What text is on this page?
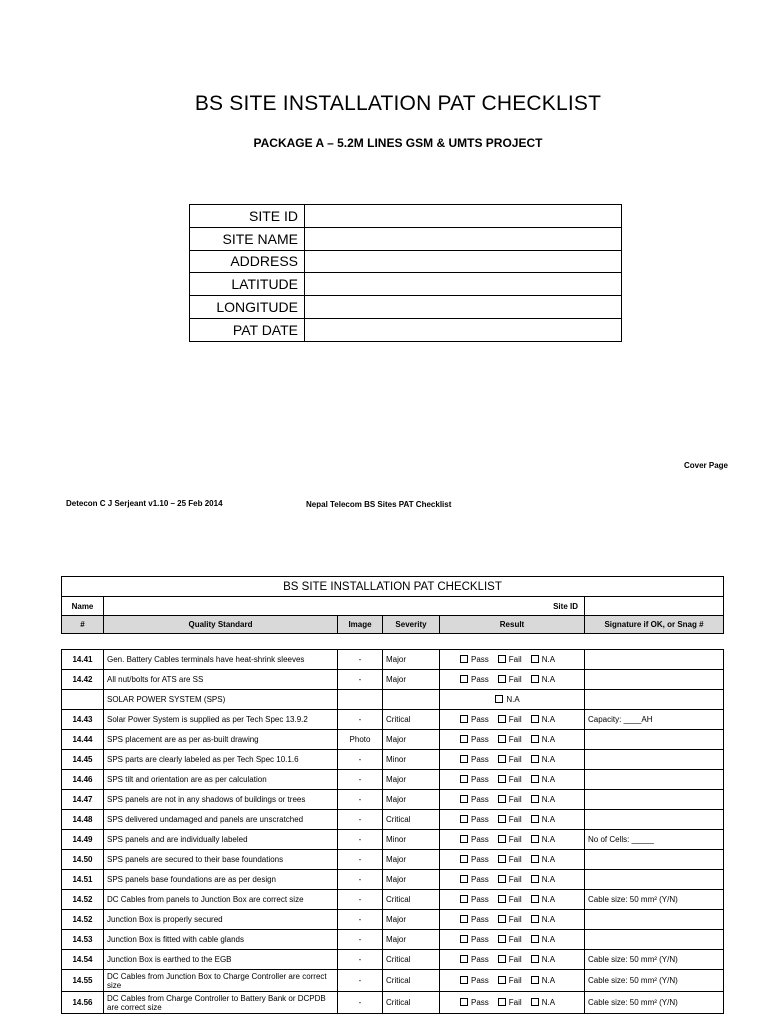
BS SITE INSTALLATION PAT CHECKLIST
PACKAGE A – 5.2M LINES GSM & UMTS PROJECT
SITE ID	
SITE NAME	
ADDRESS	
LATITUDE	
LONGITUDE	
PAT DATE	
Cover Page
Detecon C J Serjeant v1.10 – 25 Feb 2014	Nepal Telecom BS Sites PAT Checklist
BS SITE INSTALLATION PAT CHECKLIST					
Name	Site ID				
#	Quality Standard	Image	Severity	Result	Signature if OK, or Snag #
14.41	Gen. Battery Cables terminals have heat-shrink sleeves	-	Major	Pass Fail N.A	
14.42	All nut/bolts for ATS are SS	-	Major	Pass Fail N.A	
	SOLAR POWER SYSTEM (SPS)			N.A	
14.43	Solar Power System is supplied as per Tech Spec 13.9.2	-	Critical	Pass Fail N.A	Capacity: ____AH
14.44	SPS placement are as per as-built drawing	Photo	Major	Pass Fail N.A	
14.45	SPS parts are clearly labeled as per Tech Spec 10.1.6	-	Minor	Pass Fail N.A	
14.46	SPS tilt and orientation are as per calculation	-	Major	Pass Fail N.A	
14.47	SPS panels are not in any shadows of buildings or trees	-	Major	Pass Fail N.A	
14.48	SPS delivered undamaged and panels are unscratched	-	Critical	Pass Fail N.A	
14.49	SPS panels and are individually labeled	-	Minor	Pass Fail N.A	No of Cells: _____
14.50	SPS panels are secured to their base foundations	-	Major	Pass Fail N.A	
14.51	SPS panels base foundations are as per design	-	Major	Pass Fail N.A	
14.52	DC Cables from panels to Junction Box are correct size	-	Critical	Pass Fail N.A	Cable size: 50 mm² (Y/N)
14.52	Junction Box is properly secured	-	Major	Pass Fail N.A	
14.53	Junction Box is fitted with cable glands	-	Major	Pass Fail N.A	
14.54	Junction Box is earthed to the EGB	-	Critical	Pass Fail N.A	Cable size: 50 mm² (Y/N)
14.55	DC Cables from Junction Box to Charge Controller are correct size	-	Critical	Pass Fail N.A	Cable size: 50 mm² (Y/N)
14.56	DC Cables from Charge Controller to Battery Bank or DCPDB are correct size	-	Critical	Pass Fail N.A	Cable size: 50 mm² (Y/N)
